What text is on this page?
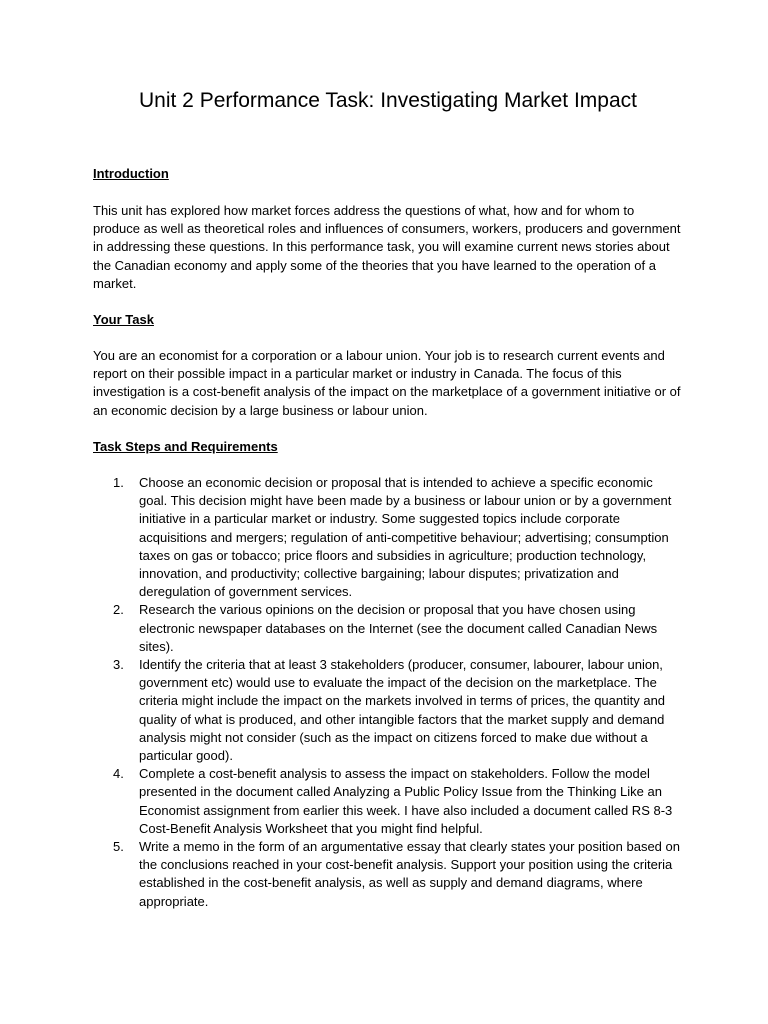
Unit 2 Performance Task: Investigating Market Impact
Introduction

This unit has explored how market forces address the questions of what, how and for whom to produce as well as theoretical roles and influences of consumers, workers, producers and government in addressing these questions. In this performance task, you will examine current news stories about the Canadian economy and apply some of the theories that you have learned to the operation of a market.

Your Task

You are an economist for a corporation or a labour union. Your job is to research current events and report on their possible impact in a particular market or industry in Canada. The focus of this investigation is a cost-benefit analysis of the impact on the marketplace of a government initiative or of an economic decision by a large business or labour union.

Task Steps and Requirements
1. Choose an economic decision or proposal that is intended to achieve a specific economic goal. This decision might have been made by a business or labour union or by a government initiative in a particular market or industry. Some suggested topics include corporate acquisitions and mergers; regulation of anti-competitive behaviour; advertising; consumption taxes on gas or tobacco; price floors and subsidies in agriculture; production technology, innovation, and productivity; collective bargaining; labour disputes; privatization and deregulation of government services.
2. Research the various opinions on the decision or proposal that you have chosen using electronic newspaper databases on the Internet (see the document called Canadian News sites).
3. Identify the criteria that at least 3 stakeholders (producer, consumer, labourer, labour union, government etc) would use to evaluate the impact of the decision on the marketplace. The criteria might include the impact on the markets involved in terms of prices, the quantity and quality of what is produced, and other intangible factors that the market supply and demand analysis might not consider (such as the impact on citizens forced to make due without a particular good).
4. Complete a cost-benefit analysis to assess the impact on stakeholders. Follow the model presented in the document called Analyzing a Public Policy Issue from the Thinking Like an Economist assignment from earlier this week. I have also included a document called RS 8-3 Cost-Benefit Analysis Worksheet that you might find helpful.
5. Write a memo in the form of an argumentative essay that clearly states your position based on the conclusions reached in your cost-benefit analysis. Support your position using the criteria established in the cost-benefit analysis, as well as supply and demand diagrams, where appropriate.
